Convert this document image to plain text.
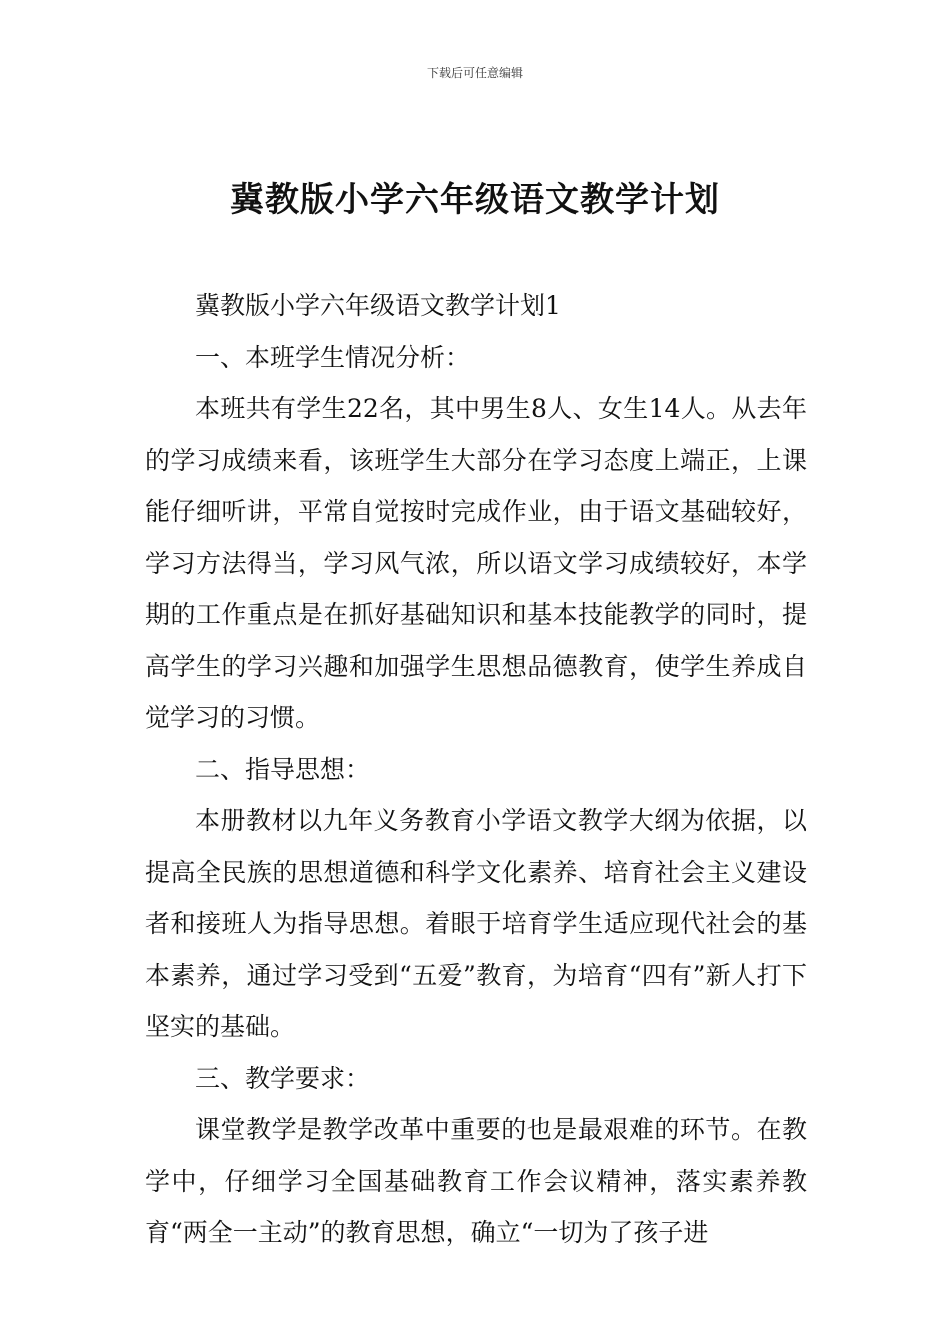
下载后可任意编辑
冀教版小学六年级语文教学计划

冀教版小学六年级语文教学计划1

一、本班学生情况分析：

本班共有学生22名，其中男生8人、女生14人。从去年的学习成绩来看，该班学生大部分在学习态度上端正，上课能仔细听讲，平常自觉按时完成作业，由于语文基础较好，学习方法得当，学习风气浓，所以语文学习成绩较好，本学期的工作重点是在抓好基础知识和基本技能教学的同时，提高学生的学习兴趣和加强学生思想品德教育，使学生养成自觉学习的习惯。

二、指导思想：

本册教材以九年义务教育小学语文教学大纲为依据，以提高全民族的思想道德和科学文化素养、培育社会主义建设者和接班人为指导思想。着眼于培育学生适应现代社会的基本素养，通过学习受到“五爱”教育，为培育“四有”新人打下坚实的基础。

三、教学要求：

课堂教学是教学改革中重要的也是最艰难的环节。在教学中，仔细学习全国基础教育工作会议精神，落实素养教育“两全一主动”的教育思想，确立“一切为了孩子进
